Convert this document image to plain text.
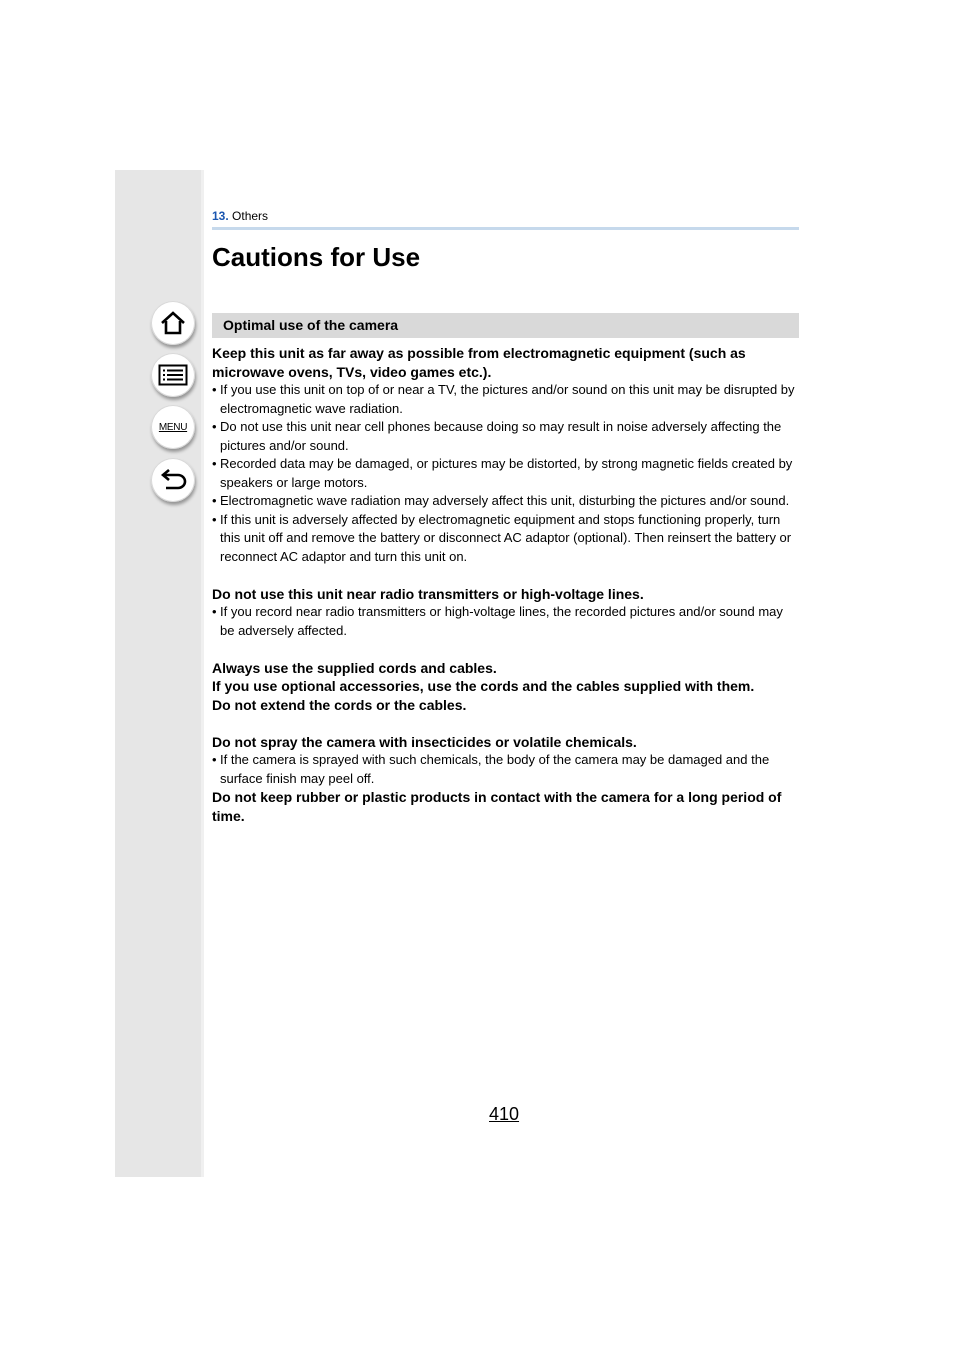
MENU
13. Others
Cautions for Use
Optimal use of the camera

Keep this unit as far away as possible from electromagnetic equipment (such as microwave ovens, TVs, video games etc.).

• If you use this unit on top of or near a TV, the pictures and/or sound on this unit may be disrupted by electromagnetic wave radiation.
• Do not use this unit near cell phones because doing so may result in noise adversely affecting the pictures and/or sound.
• Recorded data may be damaged, or pictures may be distorted, by strong magnetic fields created by speakers or large motors.
• Electromagnetic wave radiation may adversely affect this unit, disturbing the pictures and/or sound.
• If this unit is adversely affected by electromagnetic equipment and stops functioning properly, turn this unit off and remove the battery or disconnect AC adaptor (optional). Then reinsert the battery or reconnect AC adaptor and turn this unit on.

Do not use this unit near radio transmitters or high-voltage lines.

• If you record near radio transmitters or high-voltage lines, the recorded pictures and/or sound may be adversely affected.

Always use the supplied cords and cables.

If you use optional accessories, use the cords and the cables supplied with them.

Do not extend the cords or the cables.

Do not spray the camera with insecticides or volatile chemicals.

• If the camera is sprayed with such chemicals, the body of the camera may be damaged and the surface finish may peel off.

Do not keep rubber or plastic products in contact with the camera for a long period of time.

410
